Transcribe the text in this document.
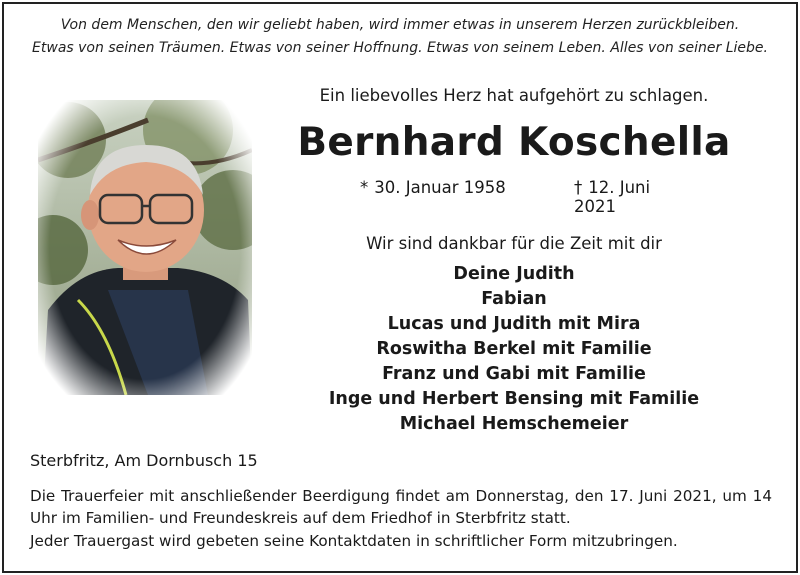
Von dem Menschen, den wir geliebt haben, wird immer etwas in unserem Herzen zurückbleiben.
Etwas von seinen Träumen. Etwas von seiner Hoffnung. Etwas von seinem Leben. Alles von seiner Liebe.
Ein liebevolles Herz hat aufgehört zu schlagen.
Bernhard Koschella
* 30. Januar 1958	† 12. Juni 2021
Wir sind dankbar für die Zeit mit dir
Deine Judith
Fabian
Lucas und Judith mit Mira
Roswitha Berkel mit Familie
Franz und Gabi mit Familie
Inge und Herbert Bensing mit Familie
Michael Hemschemeier
Sterbfritz, Am Dornbusch 15

Die Trauerfeier mit anschließender Beerdigung findet am Donnerstag, den 17. Juni 2021, um 14 Uhr im Familien- und Freundeskreis auf dem Friedhof in Sterbfritz statt.

Jeder Trauergast wird gebeten seine Kontaktdaten in schriftlicher Form mitzubringen.
